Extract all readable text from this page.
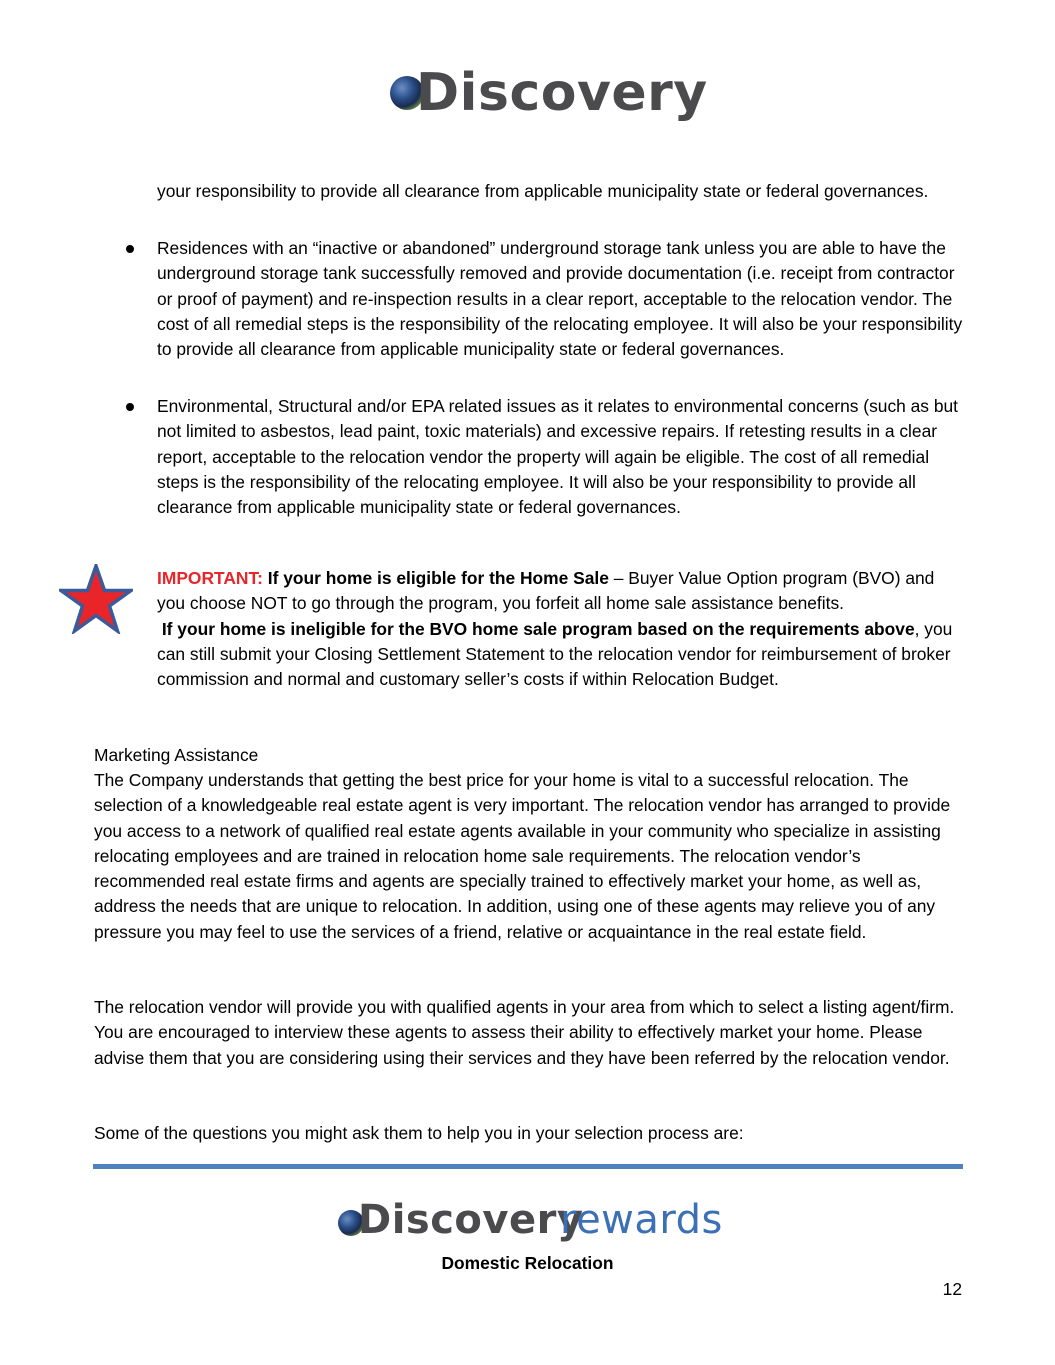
Discovery
your responsibility to provide all clearance from applicable municipality state or federal governances.
Residences with an “inactive or abandoned” underground storage tank unless you are able to have the underground storage tank successfully removed and provide documentation (i.e. receipt from contractor or proof of payment) and re-inspection results in a clear report, acceptable to the relocation vendor. The cost of all remedial steps is the responsibility of the relocating employee. It will also be your responsibility to provide all clearance from applicable municipality state or federal governances.
Environmental, Structural and/or EPA related issues as it relates to environmental concerns (such as but not limited to asbestos, lead paint, toxic materials) and excessive repairs. If retesting results in a clear report, acceptable to the relocation vendor the property will again be eligible. The cost of all remedial steps is the responsibility of the relocating employee. It will also be your responsibility to provide all clearance from applicable municipality state or federal governances.
IMPORTANT: If your home is eligible for the Home Sale – Buyer Value Option program (BVO) and you choose NOT to go through the program, you forfeit all home sale assistance benefits.
If your home is ineligible for the BVO home sale program based on the requirements above, you can still submit your Closing Settlement Statement to the relocation vendor for reimbursement of broker commission and normal and customary seller’s costs if within Relocation Budget.
Marketing Assistance
The Company understands that getting the best price for your home is vital to a successful relocation. The selection of a knowledgeable real estate agent is very important. The relocation vendor has arranged to provide you access to a network of qualified real estate agents available in your community who specialize in assisting relocating employees and are trained in relocation home sale requirements. The relocation vendor’s recommended real estate firms and agents are specially trained to effectively market your home, as well as, address the needs that are unique to relocation. In addition, using one of these agents may relieve you of any pressure you may feel to use the services of a friend, relative or acquaintance in the real estate field.
The relocation vendor will provide you with qualified agents in your area from which to select a listing agent/firm. You are encouraged to interview these agents to assess their ability to effectively market your home. Please advise them that you are considering using their services and they have been referred by the relocation vendor.
Some of the questions you might ask them to help you in your selection process are:
Discovery
rewards
Domestic Relocation
12
